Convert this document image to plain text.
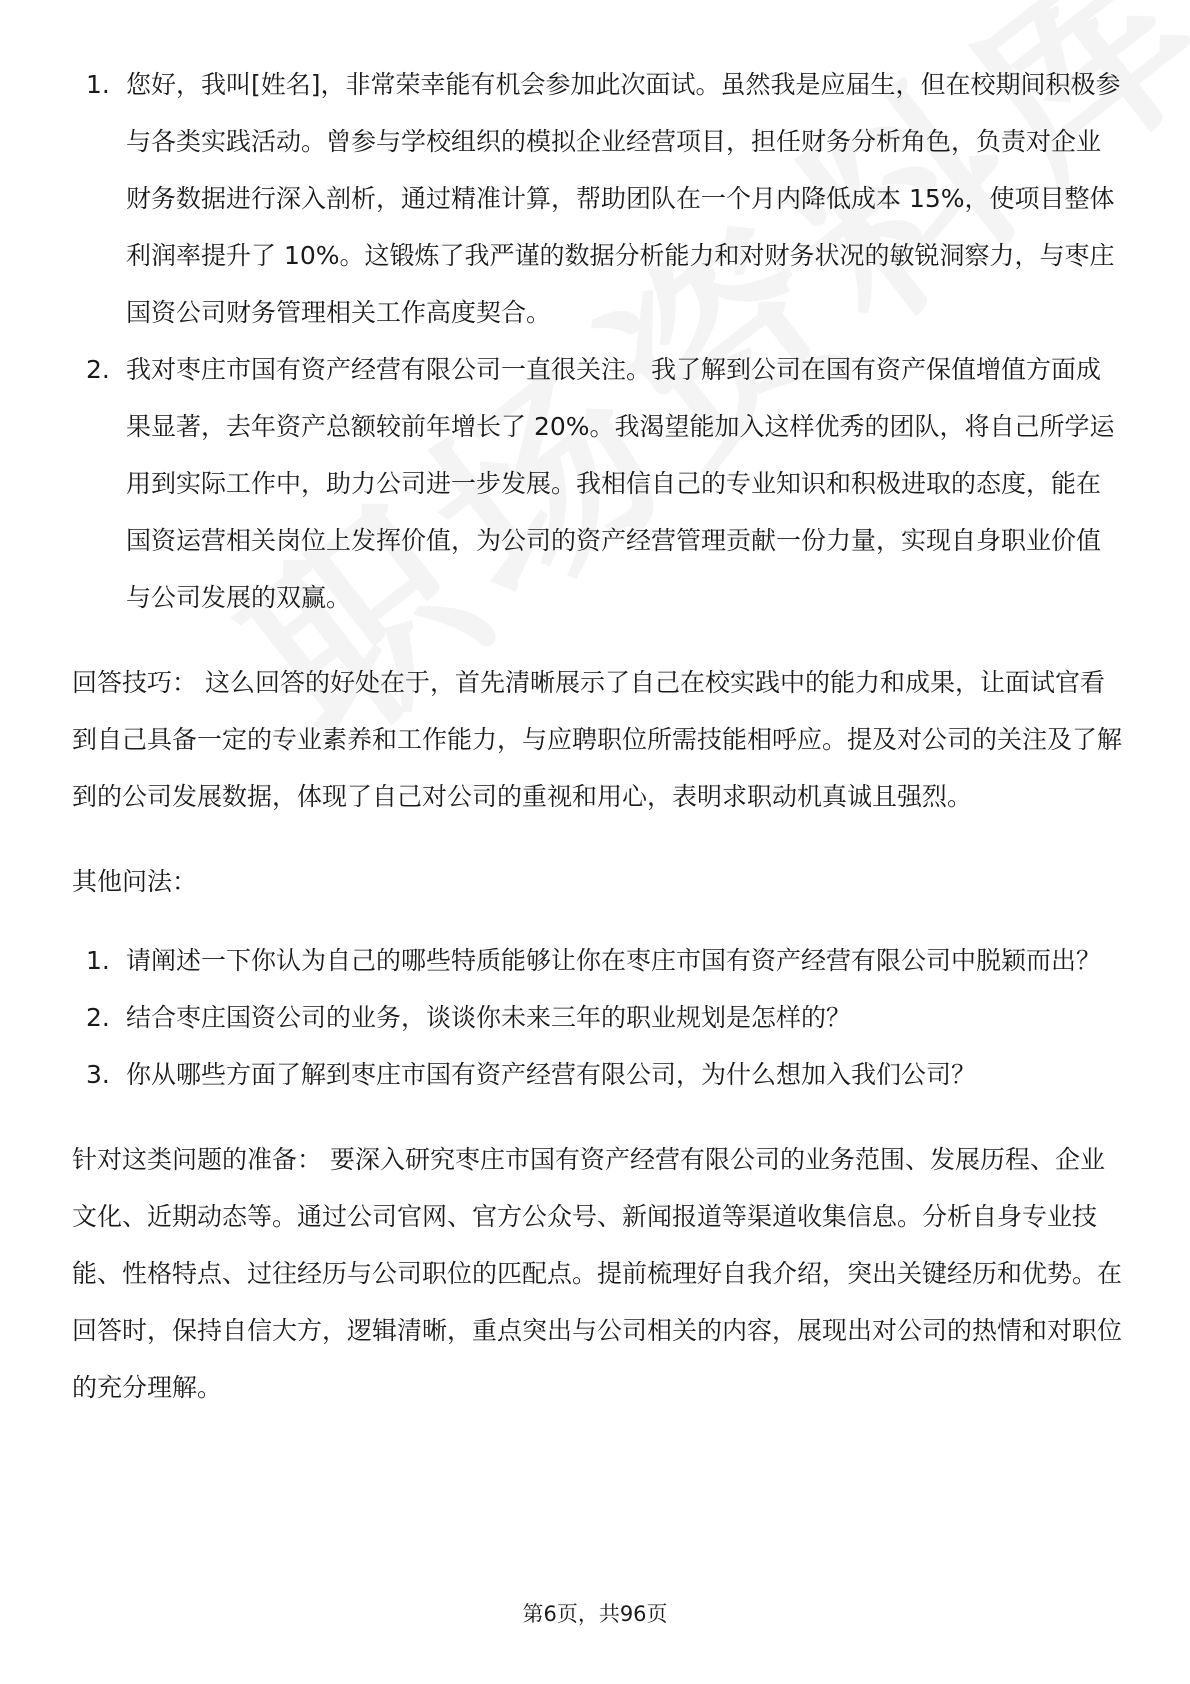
1. 您好，我叫[姓名]，非常荣幸能有机会参加此次面试。虽然我是应届生，但在校期间积极参与各类实践活动。曾参与学校组织的模拟企业经营项目，担任财务分析角色，负责对企业财务数据进行深入剖析，通过精准计算，帮助团队在一个月内降低成本 15%，使项目整体利润率提升了 10%。这锻炼了我严谨的数据分析能力和对财务状况的敏锐洞察力，与枣庄国资公司财务管理相关工作高度契合。
2. 我对枣庄市国有资产经营有限公司一直很关注。我了解到公司在国有资产保值增值方面成果显著，去年资产总额较前年增长了 20%。我渴望能加入这样优秀的团队，将自己所学运用到实际工作中，助力公司进一步发展。我相信自己的专业知识和积极进取的态度，能在国资运营相关岗位上发挥价值，为公司的资产经营管理贡献一份力量，实现自身职业价值与公司发展的双赢。

回答技巧： 这么回答的好处在于，首先清晰展示了自己在校实践中的能力和成果，让面试官看到自己具备一定的专业素养和工作能力，与应聘职位所需技能相呼应。提及对公司的关注及了解到的公司发展数据，体现了自己对公司的重视和用心，表明求职动机真诚且强烈。

其他问法：

1. 请阐述一下你认为自己的哪些特质能够让你在枣庄市国有资产经营有限公司中脱颖而出？
2. 结合枣庄国资公司的业务，谈谈你未来三年的职业规划是怎样的？
3. 你从哪些方面了解到枣庄市国有资产经营有限公司，为什么想加入我们公司？

针对这类问题的准备： 要深入研究枣庄市国有资产经营有限公司的业务范围、发展历程、企业文化、近期动态等。通过公司官网、官方公众号、新闻报道等渠道收集信息。分析自身专业技能、性格特点、过往经历与公司职位的匹配点。提前梳理好自我介绍，突出关键经历和优势。在回答时，保持自信大方，逻辑清晰，重点突出与公司相关的内容，展现出对公司的热情和对职位的充分理解。

第6页，共96页
